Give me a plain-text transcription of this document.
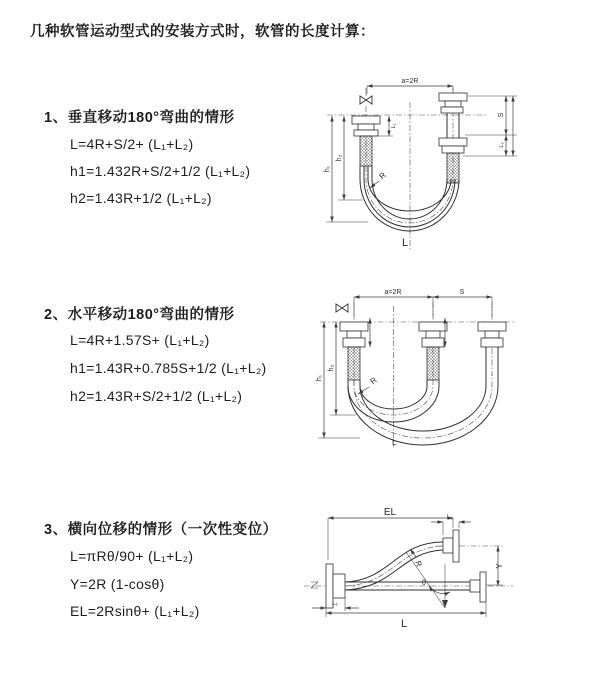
几种软管运动型式的安装方式时，软管的长度计算：
1、垂直移动180°弯曲的情形
L=4R+S/2+ (L₁+L₂)
h1=1.432R+S/2+1/2 (L₁+L₂)
h2=1.43R+1/2 (L₁+L₂)
2、水平移动180°弯曲的情形
L=4R+1.57S+ (L₁+L₂)
h1=1.43R+0.785S+1/2 (L₁+L₂)
h2=1.43R+S/2+1/2 (L₁+L₂)
3、横向位移的情形（一次性变位）
L=πRθ/90+ (L₁+L₂)
Y=2R (1-cosθ)
EL=2Rsinθ+ (L₁+L₂)
a=2R
h₁
h₂
L₁
S
L₂
R
L
a=2R	S
h₁
h₂
R
L
EL	L₂
Y
L₁
L
θ
R
